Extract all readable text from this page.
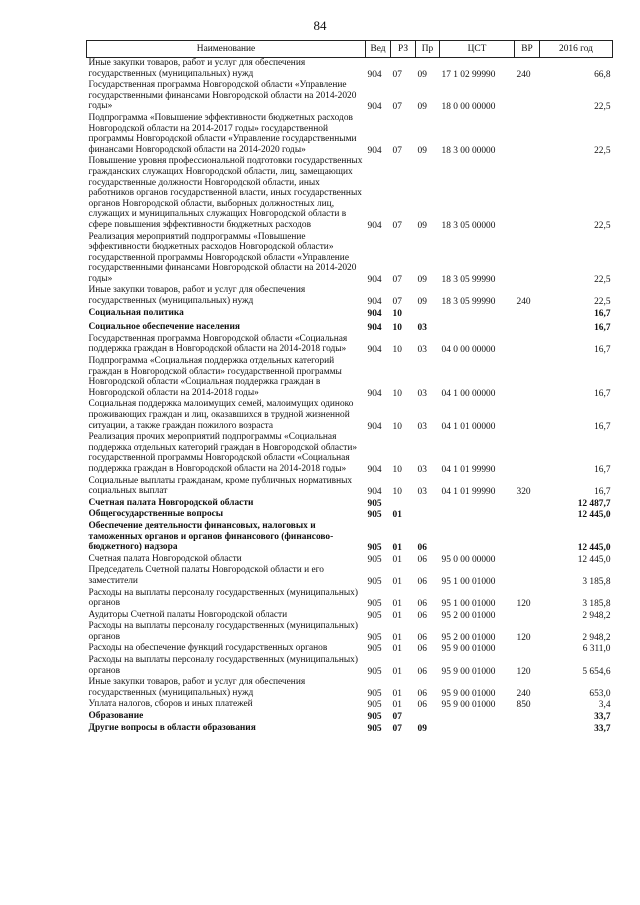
84
Наименование	Вед	РЗ	Пр	ЦСТ	ВР	2016 год
Иные закупки товаров, работ и услуг для обеспечения государственных (муниципальных) нужд	904	07	09	17 1 02 99990	240	66,8
Государственная программа Новгородской области «Управление государственными финансами Новгородской области на 2014-2020 годы»	904	07	09	18 0 00 00000		22,5
Подпрограмма «Повышение эффективности бюджетных расходов Новгородской области на 2014-2017 годы» государственной программы Новгородской области «Управление государственными финансами Новгородской области на 2014-2020 годы»	904	07	09	18 3 00 00000		22,5
Повышение уровня профессиональной подготовки государственных гражданских служащих Новгородской области, лиц, замещающих государственные должности Новгородской области, иных работников органов государственной власти, иных государственных органов Новгородской области, выборных должностных лиц, служащих и муниципальных служащих Новгородской области в сфере повышения эффективности бюджетных расходов	904	07	09	18 3 05 00000		22,5
Реализация мероприятий подпрограммы «Повышение эффективности бюджетных расходов Новгородской области» государственной программы Новгородской области «Управление государственными финансами Новгородской области на 2014-2020 годы»	904	07	09	18 3 05 99990		22,5
Иные закупки товаров, работ и услуг для обеспечения государственных (муниципальных) нужд	904	07	09	18 3 05 99990	240	22,5
Социальная политика	904	10				16,7
Социальное обеспечение населения	904	10	03			16,7
Государственная программа Новгородской области «Социальная поддержка граждан в Новгородской области на 2014-2018 годы»	904	10	03	04 0 00 00000		16,7
Подпрограмма «Социальная поддержка отдельных категорий граждан в Новгородской области» государственной программы Новгородской области «Социальная поддержка граждан в Новгородской области на 2014-2018 годы»	904	10	03	04 1 00 00000		16,7
Социальная поддержка малоимущих семей, малоимущих одиноко проживающих граждан и лиц, оказавшихся в трудной жизненной ситуации, а также граждан пожилого возраста	904	10	03	04 1 01 00000		16,7
Реализация прочих мероприятий подпрограммы «Социальная поддержка отдельных категорий граждан в Новгородской области» государственной программы Новгородской области «Социальная поддержка граждан в Новгородской области на 2014-2018 годы»	904	10	03	04 1 01 99990		16,7
Социальные выплаты гражданам, кроме публичных нормативных социальных выплат	904	10	03	04 1 01 99990	320	16,7
Счетная палата Новгородской области	905					12 487,7
Общегосударственные вопросы	905	01				12 445,0
Обеспечение деятельности финансовых, налоговых и таможенных органов и органов финансового (финансово-бюджетного) надзора	905	01	06			12 445,0
Счетная палата Новгородской области	905	01	06	95 0 00 00000		12 445,0
Председатель Счетной палаты Новгородской области и его заместители	905	01	06	95 1 00 01000		3 185,8
Расходы на выплаты персоналу государственных (муниципальных) органов	905	01	06	95 1 00 01000	120	3 185,8
Аудиторы Счетной палаты Новгородской области	905	01	06	95 2 00 01000		2 948,2
Расходы на выплаты персоналу государственных (муниципальных) органов	905	01	06	95 2 00 01000	120	2 948,2
Расходы на обеспечение функций государственных органов	905	01	06	95 9 00 01000		6 311,0
Расходы на выплаты персоналу государственных (муниципальных) органов	905	01	06	95 9 00 01000	120	5 654,6
Иные закупки товаров, работ и услуг для обеспечения государственных (муниципальных) нужд	905	01	06	95 9 00 01000	240	653,0
Уплата налогов, сборов и иных платежей	905	01	06	95 9 00 01000	850	3,4
Образование	905	07				33,7
Другие вопросы в области образования	905	07	09			33,7
